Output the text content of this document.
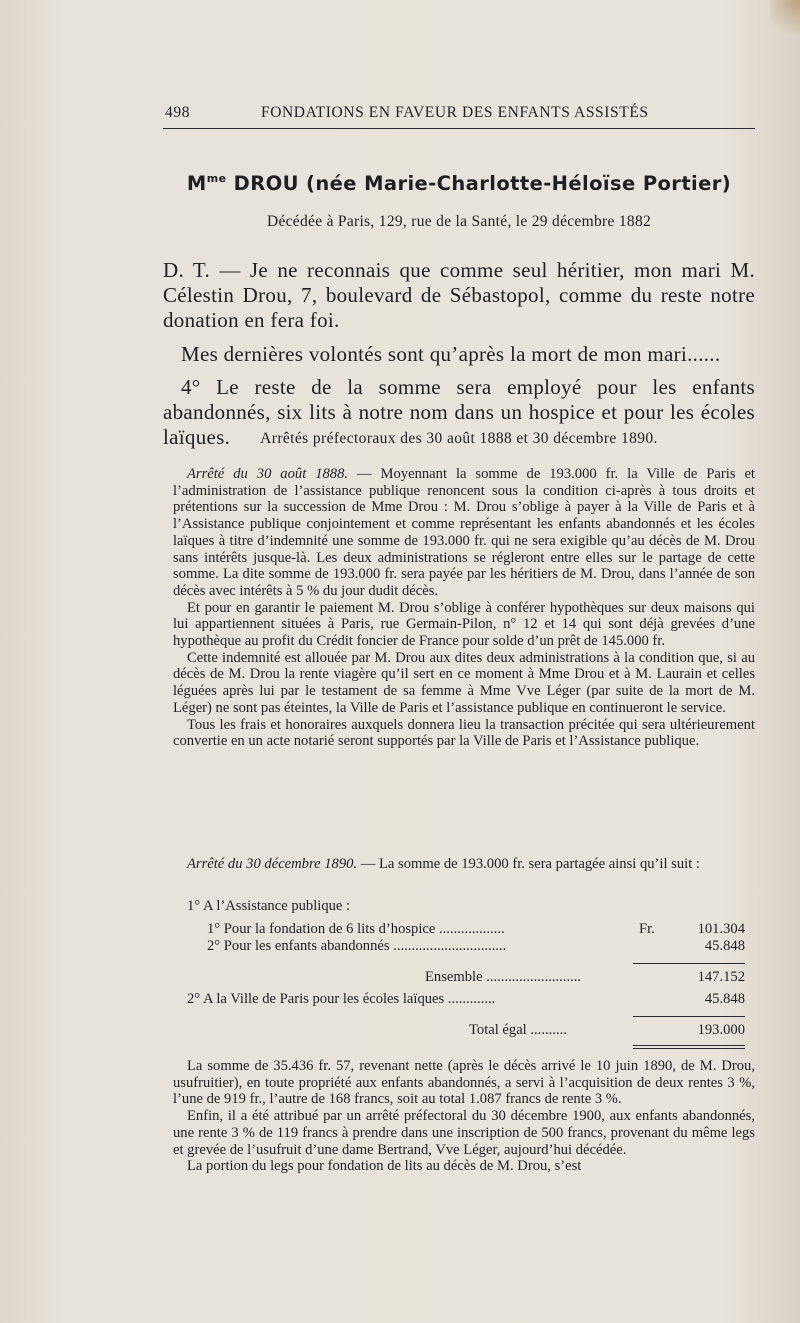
498	FONDATIONS EN FAVEUR DES ENFANTS ASSISTÉS
$M^{me}$ DROU (née Marie-Charlotte-Héloïse Portier)
Décédée à Paris, 129, rue de la Santé, le 29 décembre 1882

D. T. — Je ne reconnais que comme seul héritier, mon mari M. Célestin Drou, 7, boulevard de Sébastopol, comme du reste notre donation en fera foi.

Mes dernières volontés sont qu’après la mort de mon mari......

4° Le reste de la somme sera employé pour les enfants abandonnés, six lits à notre nom dans un hospice et pour les écoles laïques.	Arrêtés préfectoraux des 30 août 1888 et 30 décembre 1890.

Arrêté du 30 août 1888. — Moyennant la somme de 193.000 fr. la Ville de Paris et l’administration de l’assistance publique renoncent sous la condition ci-après à tous droits et prétentions sur la succession de Mme Drou : M. Drou s’oblige à payer à la Ville de Paris et à l’Assistance publique conjointement et comme représentant les enfants abandonnés et les écoles laïques à titre d’indemnité une somme de 193.000 fr. qui ne sera exigible qu’au décès de M. Drou sans intérêts jusque-là. Les deux administrations se régleront entre elles sur le partage de cette somme. La dite somme de 193.000 fr. sera payée par les héritiers de M. Drou, dans l’année de son décès avec intérêts à 5 % du jour dudit décès.

Et pour en garantir le paiement M. Drou s’oblige à conférer hypothèques sur deux maisons qui lui appartiennent situées à Paris, rue Germain-Pilon, n° 12 et 14 qui sont déjà grevées d’une hypothèque au profit du Crédit foncier de France pour solde d’un prêt de 145.000 fr.

Cette indemnité est allouée par M. Drou aux dites deux administrations à la condition que, si au décès de M. Drou la rente viagère qu’il sert en ce moment à Mme Drou et à M. Laurain et celles léguées après lui par le testament de sa femme à Mme Vve Léger (par suite de la mort de M. Léger) ne sont pas éteintes, la Ville de Paris et l’assistance publique en continueront le service.

Tous les frais et honoraires auxquels donnera lieu la transaction précitée qui sera ultérieurement convertie en un acte notarié seront supportés par la Ville de Paris et l’Assistance publique.

Arrêté du 30 décembre 1890. — La somme de 193.000 fr. sera partagée ainsi qu’il suit :

1° A l’Assistance publique :
1° Pour la fondation de 6 lits d’hospice ..................	Fr.	101.304
2° Pour les enfants abandonnés ...............................	45.848
Ensemble ..........................	147.152
2° A la Ville de Paris pour les écoles laïques .............	45.848
Total égal ..........	193.000

La somme de 35.436 fr. 57, revenant nette (après le décès arrivé le 10 juin 1890, de M. Drou, usufruitier), en toute propriété aux enfants abandonnés, a servi à l’acquisition de deux rentes 3 %, l’une de 919 fr., l’autre de 168 francs, soit au total 1.087 francs de rente 3 %.

Enfin, il a été attribué par un arrêté préfectoral du 30 décembre 1900, aux enfants abandonnés, une rente 3 % de 119 francs à prendre dans une inscription de 500 francs, provenant du même legs et grevée de l’usufruit d’une dame Bertrand, Vve Léger, aujourd’hui décédée.

La portion du legs pour fondation de lits au décès de M. Drou, s’est
